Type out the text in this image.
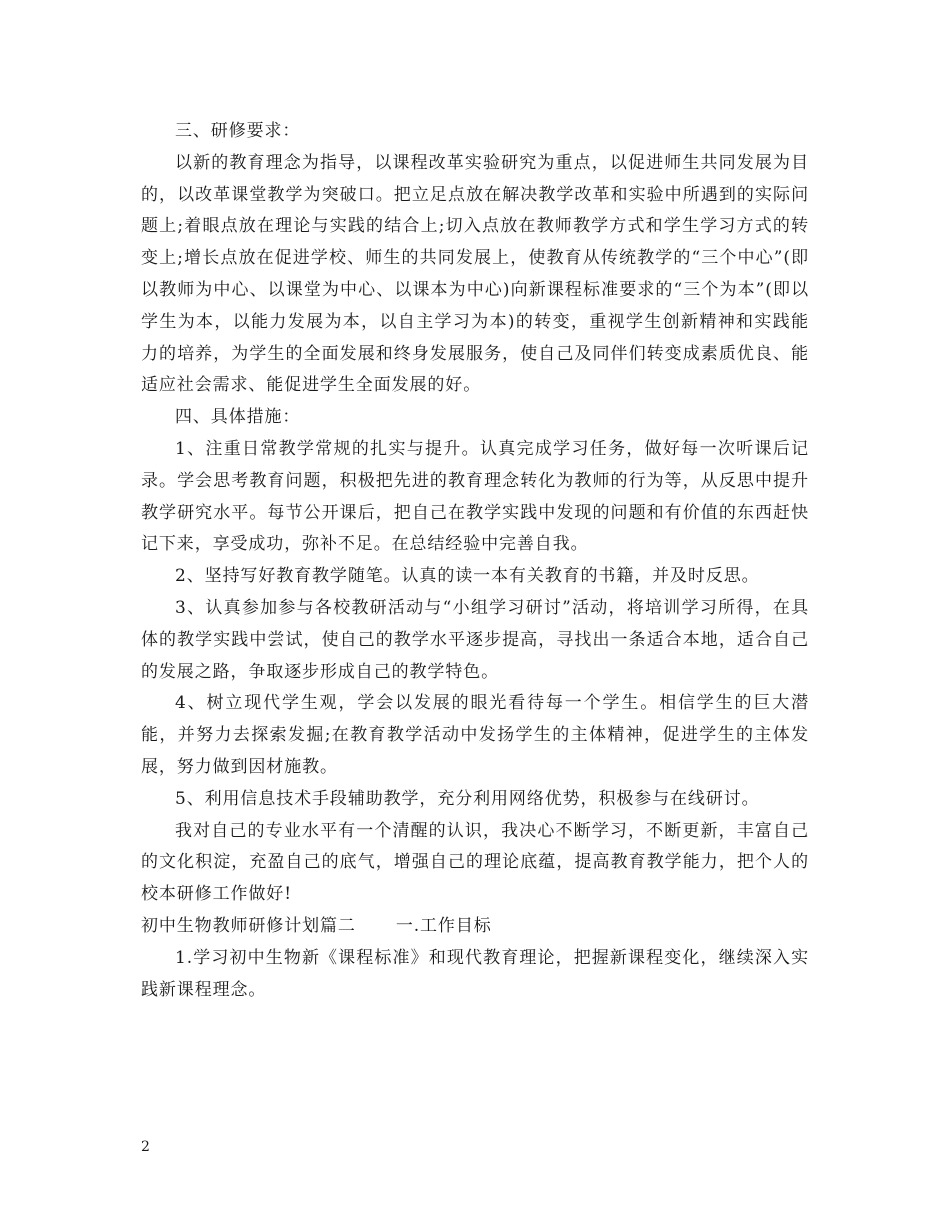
三、研修要求：

以新的教育理念为指导，以课程改革实验研究为重点，以促进师生共同发展为目的，以改革课堂教学为突破口。把立足点放在解决教学改革和实验中所遇到的实际问题上;着眼点放在理论与实践的结合上;切入点放在教师教学方式和学生学习方式的转变上;增长点放在促进学校、师生的共同发展上，使教育从传统教学的“三个中心”(即以教师为中心、以课堂为中心、以课本为中心)向新课程标准要求的“三个为本”(即以学生为本，以能力发展为本，以自主学习为本)的转变，重视学生创新精神和实践能力的培养，为学生的全面发展和终身发展服务，使自己及同伴们转变成素质优良、能适应社会需求、能促进学生全面发展的好。

四、具体措施：

1、注重日常教学常规的扎实与提升。认真完成学习任务，做好每一次听课后记录。学会思考教育问题，积极把先进的教育理念转化为教师的行为等，从反思中提升教学研究水平。每节公开课后，把自己在教学实践中发现的问题和有价值的东西赶快记下来，享受成功，弥补不足。在总结经验中完善自我。

2、坚持写好教育教学随笔。认真的读一本有关教育的书籍，并及时反思。

3、认真参加参与各校教研活动与“小组学习研讨”活动，将培训学习所得，在具体的教学实践中尝试，使自己的教学水平逐步提高，寻找出一条适合本地，适合自己的发展之路，争取逐步形成自己的教学特色。

4、树立现代学生观，学会以发展的眼光看待每一个学生。相信学生的巨大潜能，并努力去探索发掘;在教育教学活动中发扬学生的主体精神，促进学生的主体发展，努力做到因材施教。

5、利用信息技术手段辅助教学，充分利用网络优势，积极参与在线研讨。

我对自己的专业水平有一个清醒的认识，我决心不断学习，不断更新，丰富自己的文化积淀，充盈自己的底气，增强自己的理论底蕴，提高教育教学能力，把个人的校本研修工作做好!

初中生物教师研修计划篇二 一.工作目标

1.学习初中生物新《课程标准》和现代教育理论，把握新课程变化，继续深入实践新课程理念。

2
